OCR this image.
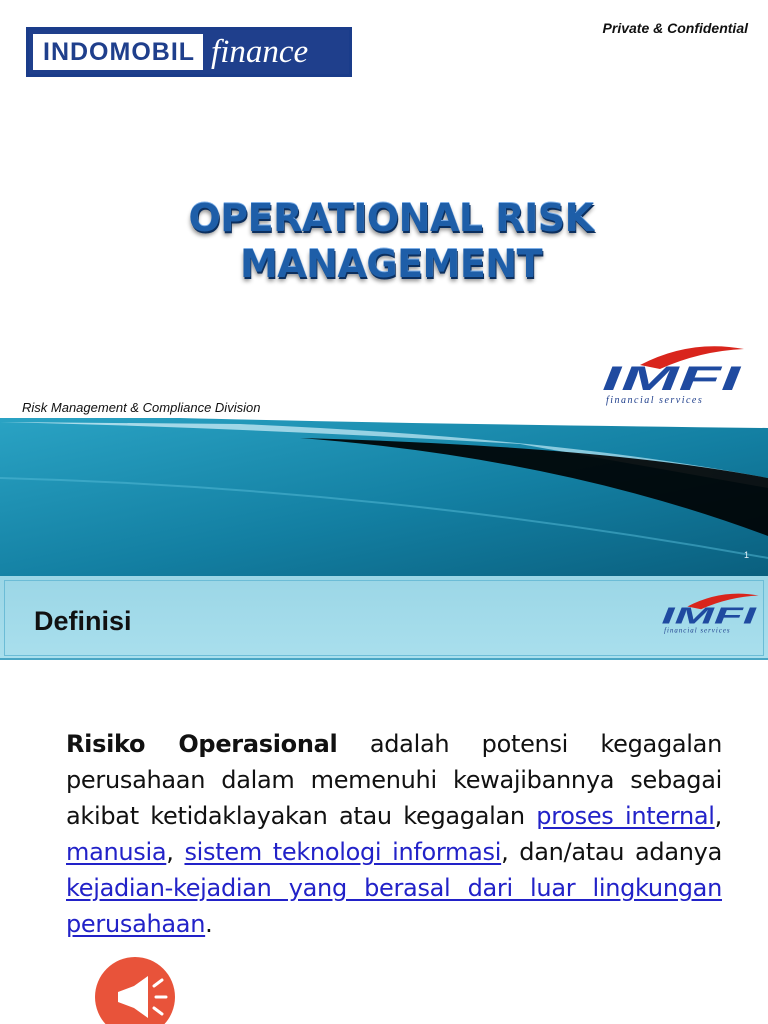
INDOMOBIL finance
Private & Confidential
OPERATIONAL RISK
MANAGEMENT
IMFI
financial services
Risk Management & Compliance Division
1
Definisi	IMFI
financial services
Risiko Operasional adalah potensi kegagalan perusahaan dalam memenuhi kewajibannya sebagai akibat ketidaklayakan atau kegagalan proses internal, manusia, sistem teknologi informasi, dan/atau adanya kejadian-kejadian yang berasal dari luar lingkungan perusahaan.
